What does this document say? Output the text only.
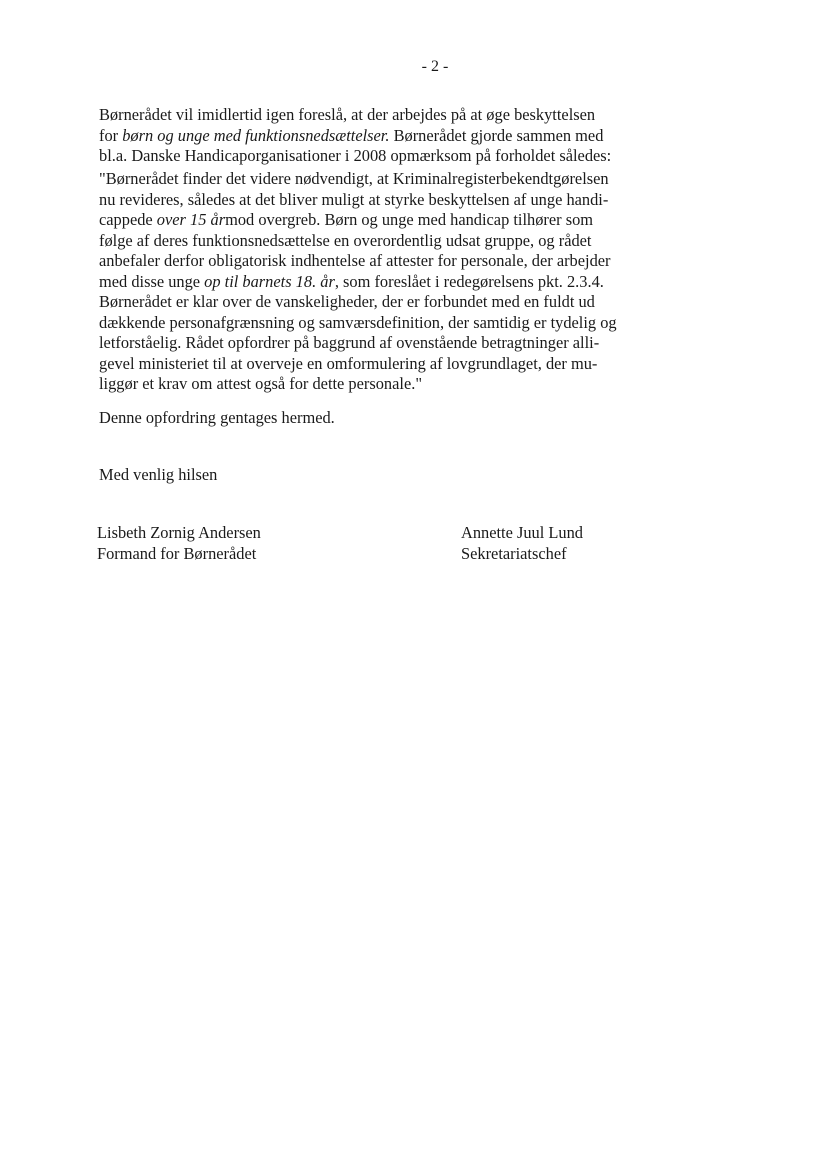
- 2 -
Børnerådet vil imidlertid igen foreslå, at der arbejdes på at øge beskyttelsen
for børn og unge med funktionsnedsættelser. Børnerådet gjorde sammen med
bl.a. Danske Handicaporganisationer i 2008 opmærksom på forholdet således:
"Børnerådet finder det videre nødvendigt, at Kriminalregisterbekendtgørelsen
nu revideres, således at det bliver muligt at styrke beskyttelsen af unge handi-
cappede over 15 årmod overgreb. Børn og unge med handicap tilhører som
følge af deres funktionsnedsættelse en overordentlig udsat gruppe, og rådet
anbefaler derfor obligatorisk indhentelse af attester for personale, der arbejder
med disse unge op til barnets 18. år, som foreslået i redegørelsens pkt. 2.3.4.
Børnerådet er klar over de vanskeligheder, der er forbundet med en fuldt ud
dækkende personafgrænsning og samværsdefinition, der samtidig er tydelig og
letforståelig. Rådet opfordrer på baggrund af ovenstående betragtninger alli-
gevel ministeriet til at overveje en omformulering af lovgrundlaget, der mu-
liggør et krav om attest også for dette personale."
Denne opfordring gentages hermed.
Med venlig hilsen
Lisbeth Zornig Andersen
Formand for Børnerådet
Annette Juul Lund
Sekretariatschef
